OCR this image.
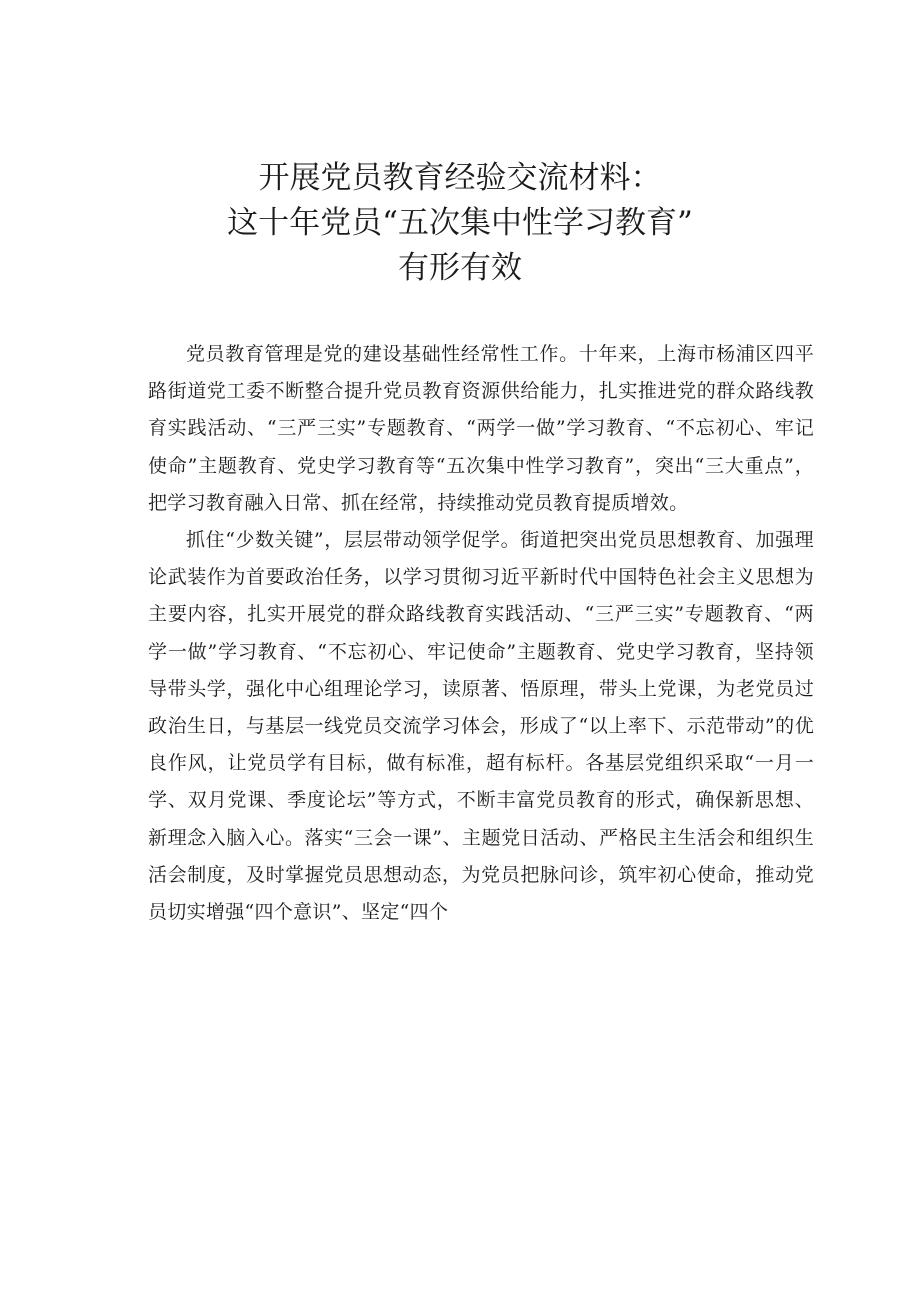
开展党员教育经验交流材料：
这十年党员“五次集中性学习教育”
有形有效

党员教育管理是党的建设基础性经常性工作。十年来，上海市杨浦区四平路街道党工委不断整合提升党员教育资源供给能力，扎实推进党的群众路线教育实践活动、“三严三实”专题教育、“两学一做”学习教育、“不忘初心、牢记使命”主题教育、党史学习教育等“五次集中性学习教育”，突出“三大重点”，把学习教育融入日常、抓在经常，持续推动党员教育提质增效。

抓住“少数关键”，层层带动领学促学。街道把突出党员思想教育、加强理论武装作为首要政治任务，以学习贯彻习近平新时代中国特色社会主义思想为主要内容，扎实开展党的群众路线教育实践活动、“三严三实”专题教育、“两学一做”学习教育、“不忘初心、牢记使命”主题教育、党史学习教育，坚持领导带头学，强化中心组理论学习，读原著、悟原理，带头上党课，为老党员过政治生日，与基层一线党员交流学习体会，形成了“以上率下、示范带动”的优良作风，让党员学有目标，做有标准，超有标杆。各基层党组织采取“一月一学、双月党课、季度论坛”等方式，不断丰富党员教育的形式，确保新思想、新理念入脑入心。落实“三会一课”、主题党日活动、严格民主生活会和组织生活会制度，及时掌握党员思想动态，为党员把脉问诊，筑牢初心使命，推动党员切实增强“四个意识”、坚定“四个
